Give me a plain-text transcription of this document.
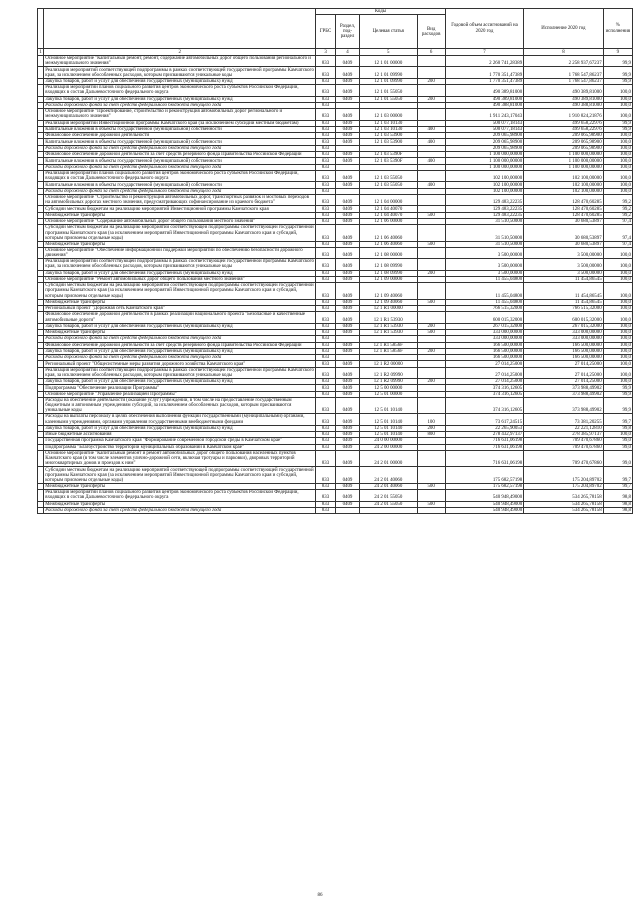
		Коды				Годовой объем ассигнований на 2020 год	Исполнение 2020 год	% исполнения
		ГРБС	Раздел, под-раздел	Целевая статья	Вид расходов			
1	2	3	4	5	6	7	8	9
	Основное мероприятие "Капитальный ремонт, ремонт, содержание автомобильных дорог общего пользования регионального и межмуниципального значения"	833	0409	12 1 01 00000		2 260 741,28389	2 258 937,67237	99,9
	Реализация мероприятий соответствующей подпрограммы в рамках соответствующей государственной программы Камчатского края, за исключением обособленных расходов, которым присваиваются уникальные коды	833	0409	12 1 01 09990		1 770 351,47389	1 768 547,86237	99,9
	Закупка товаров, работ и услуг для обеспечения государственных (муниципальных) нужд	833	0409	12 1 01 09990	200	1 770 351,47389	1 768 547,86237	99,9
	Реализация мероприятий планов социального развития центров экономического роста субъектов Российской Федерации, входящих в состав Дальневосточного федерального округа	833	0409	12 1 01 55050		490 389,81000	490 389,81000	100,0
	Закупка товаров, работ и услуг для обеспечения государственных (муниципальных) нужд	833	0409	12 1 01 55050	200	490 389,81000	490 389,81000	100,0
	Расходы дорожного фонда за счет средств федерального бюджета текущего года	833				490 388,81000	490 388,81000	100,0
	Основное мероприятие "Проектирование, строительство и реконструкция автомобильных дорог регионального и межмуниципального значения"	833	0409	12 1 03 00000		1 911 243,17043	1 910 824,21876	100,0
	Реализация мероприятий Инвестиционной программы Камчатского края (за исключением субсидий местным бюджетам)	833	0409	12 1 03 10130		500 077,18143	499 658,22976	99,9
	Капитальные вложения в объекты государственной (муниципальной) собственности	833	0409	12 1 03 10130	400	500 077,18143	499 658,22976	99,9
	Финансовое обеспечение дорожной деятельности	833	0409	12 1 03 53900		209 065,98900	209 065,98900	100,0
	Капитальные вложения в объекты государственной (муниципальной) собственности	833	0409	12 1 03 53900	400	209 065,98900	209 065,98900	100,0
	Расходы дорожного фонда за счет средств федерального бюджета текущего года	833				209 065,98900	209 065,98900	100,0
	Финансовое обеспечение дорожной деятельности за счет средств резервного фонда Правительства Российской Федерации	833	0409	12 1 03 5390F		1 100 000,00000	1 100 000,00000	100,0
	Капитальные вложения в объекты государственной (муниципальной) собственности	833	0409	12 1 03 5390F	400	1 100 000,00000	1 100 000,00000	100,0
	Расходы дорожного фонда за счет средств федерального бюджета текущего года	833				1 100 000,00000	1 100 000,00000	100,0
	Реализация мероприятий планов социального развития центров экономического роста субъектов Российской Федерации, входящих в состав Дальневосточного федерального округа	833	0409	12 1 03 55050		102 100,00000	102 100,00000	100,0
	Капитальные вложения в объекты государственной (муниципальной) собственности	833	0409	12 1 03 55050	400	102 100,00000	102 100,00000	100,0
	Расходы дорожного фонда за счет средств федерального бюджета текущего года	833				102 100,00000	102 100,00000	100,0
	Основное мероприятие "Строительство и реконструкция автомобильных дорог, транспортных развязок и мостовых переходов на автомобильных дорогах местного значения, предусматривающих софинансирование из краевого бюджета"	833	0409	12 1 04 00000		129 483,22235	128 470,60285	99,2
	Субсидии местным бюджетам на реализацию мероприятий Инвестиционной программы Камчатского края	833	0409	12 1 04 40070		129 483,22235	128 470,60285	99,2
	Межбюджетные трансферты	833	0409	12 1 04 40070	500	129 483,22235	128 470,60285	99,2
	Основное мероприятие "Содержание автомобильных дорог общего пользования местного значения"	833	0409	12 1 06 00000		31 510,50000	30 680,53897	97,4
	Субсидии местным бюджетам на реализацию мероприятий соответствующей подпрограммы соответствующей государственной программы Камчатского края (за исключением мероприятий Инвестиционной программы Камчатского края и субсидий, которым присвоены отдельные коды)	833	0409	12 1 06 40060		31 510,50000	30 680,53897	97,4
	Межбюджетные трансферты	833	0409	12 1 06 40060	500	31 510,50000	30 680,53897	97,4
	Основное мероприятие "Обеспечение информационной поддержки мероприятий по обеспечению безопасности дорожного движения"	833	0409	12 1 08 00000		3 500,00000	3 500,00000	100,0
	Реализация мероприятий соответствующей подпрограммы в рамках соответствующей государственной программы Камчатского края, за исключением обособленных расходов, которым присваиваются уникальные коды	833	0409	12 1 08 09990		3 500,00000	3 500,00000	100,0
	Закупка товаров, работ и услуг для обеспечения государственных (муниципальных) нужд	833	0409	12 1 08 09990	200	3 500,00000	3 500,00000	100,0
	Основное мероприятие "Ремонт автомобильных дорог общего пользования местного значения"	833	0409	12 1 09 00000		11 455,04800	11 454,86545	100,0
	Субсидии местным бюджетам на реализацию мероприятий соответствующей подпрограммы соответствующей государственной программы Камчатского края (за исключением мероприятий Инвестиционной программы Камчатского края и субсидий, которым присвоены отдельные коды)	833	0409	12 1 09 40060		11 455,04800	11 454,86545	100,0
	Межбюджетные трансферты	833	0409	12 1 09 40060	500	11 455,04800	11 454,86545	100,0
	Региональный проект "Дорожная сеть Камчатского края"	833	0409	12 1 R1 00000		766 515,32000	766 515,32000	100,0
	Финансовое обеспечение дорожной деятельности в рамках реализации национального проекта "Безопасные и качественные автомобильные дороги"	833	0409	12 1 R1 53930		600 015,32000	600 015,32000	100,0
	Закупка товаров, работ и услуг для обеспечения государственных (муниципальных) нужд	833	0409	12 1 R1 53930	200	267 015,32000	267 015,32000	100,0
	Межбюджетные трансферты	833	0409	12 1 R1 53930	500	333 000,00000	333 000,00000	100,0
	Расходы дорожного фонда за счет средств федерального бюджета текущего года	833				333 000,00000	333 000,00000	100,0
	Финансовое обеспечение дорожной деятельности за счет средств резервного фонда Правительства Российской Федерации	833	0409	12 1 R1 5856F		166 500,00000	166 500,00000	100,0
	Закупка товаров, работ и услуг для обеспечения государственных (муниципальных) нужд	833	0409	12 1 R1 5856F	200	166 500,00000	166 500,00000	100,0
	Расходы дорожного фонда за счет средств федерального бюджета текущего года	833				166 500,00000	166 500,00000	100,0
	Региональный проект "Общесистемные меры развития дорожного хозяйства Камчатского края"	833	0409	12 1 R2 00000		27 014,25000	27 014,25000	100,0
	Реализация мероприятий соответствующей подпрограммы в рамках соответствующей государственной программы Камчатского края, за исключением обособленных расходов, которым присваиваются уникальные коды	833	0409	12 1 R2 09990		27 014,25000	27 014,25000	100,0
	Закупка товаров, работ и услуг для обеспечения государственных (муниципальных) нужд	833	0409	12 1 R2 09990	200	27 014,25000	27 014,25000	100,0
	Подпрограмма "Обеспечение реализации Программы"	833	0409	12 5 00 00000		374 316,12605	373 988,49902	99,9
	Основное мероприятие "Управление реализацией Программы"	833	0409	12 5 01 00000		374 316,12605	373 988,49902	99,9
	Расходы на обеспечение деятельности (оказание услуг) учреждений, в том числе на предоставление государственным бюджетным и автономным учреждениям субсидий, за исключением обособленных расходов, которым присваиваются уникальные коды	833	0409	12 5 01 10140		374 316,12605	373 988,49902	99,9
	Расходы на выплаты персоналу в целях обеспечения выполнения функций государственными (муниципальными) органами, казенными учреждениями, органами управления государственными внебюджетными фондами	833	0409	12 5 01 10140	100	73 617,24515	73 381,20255	99,7
	Закупка товаров, работ и услуг для обеспечения государственных (муниципальных) нужд	833	0409	12 5 01 10140	200	22 265,90053	22 221,12810	99,8
	Иные бюджетные ассигнования	833	0409	12 5 01 10140	800	278 432,97137	278 385,97137	100,0
	Государственная программа Камчатского края "Формирование современной городской среды в Камчатском крае"	833	0409	24 0 00 00000		716 631,06198	709 470,67860	99,0
	Подпрограмма "Благоустройство территорий муниципальных образований в Камчатском крае"	833	0409	24 2 00 00000		716 631,06198	709 470,67860	99,0
	Основное мероприятие "Капитальный ремонт и ремонт автомобильных дорог общего пользования населенных пунктов Камчатского края (в том числе элементов улично-дорожной сети, включая тротуары и парковки), дворовых территорий многоквартирных домов и проездов к ним"	833	0409	24 2 01 00000		716 631,06198	709 470,67860	99,0
	Субсидии местным бюджетам на реализацию мероприятий соответствующей подпрограммы соответствующей государственной программы Камчатского края (за исключением мероприятий Инвестиционной программы Камчатского края и субсидий, которым присвоены отдельные коды)	833	0409	24 2 01 40060		175 682,57198	175 204,89702	99,7
	Межбюджетные трансферты	833	0409	24 2 01 40060	500	175 682,57198	175 204,89702	99,7
	Реализация мероприятий планов социального развития центров экономического роста субъектов Российской Федерации, входящих в состав Дальневосточного федерального округа	833	0409	24 2 01 55050		540 948,49000	534 265,78158	98,8
	Межбюджетные трансферты	833	0409	24 2 01 55050	500	540 948,49000	534 265,78158	98,8
	Расходы дорожного фонда за счет средств федерального бюджета текущего года	833				540 948,49000	534 265,78158	98,8
86
